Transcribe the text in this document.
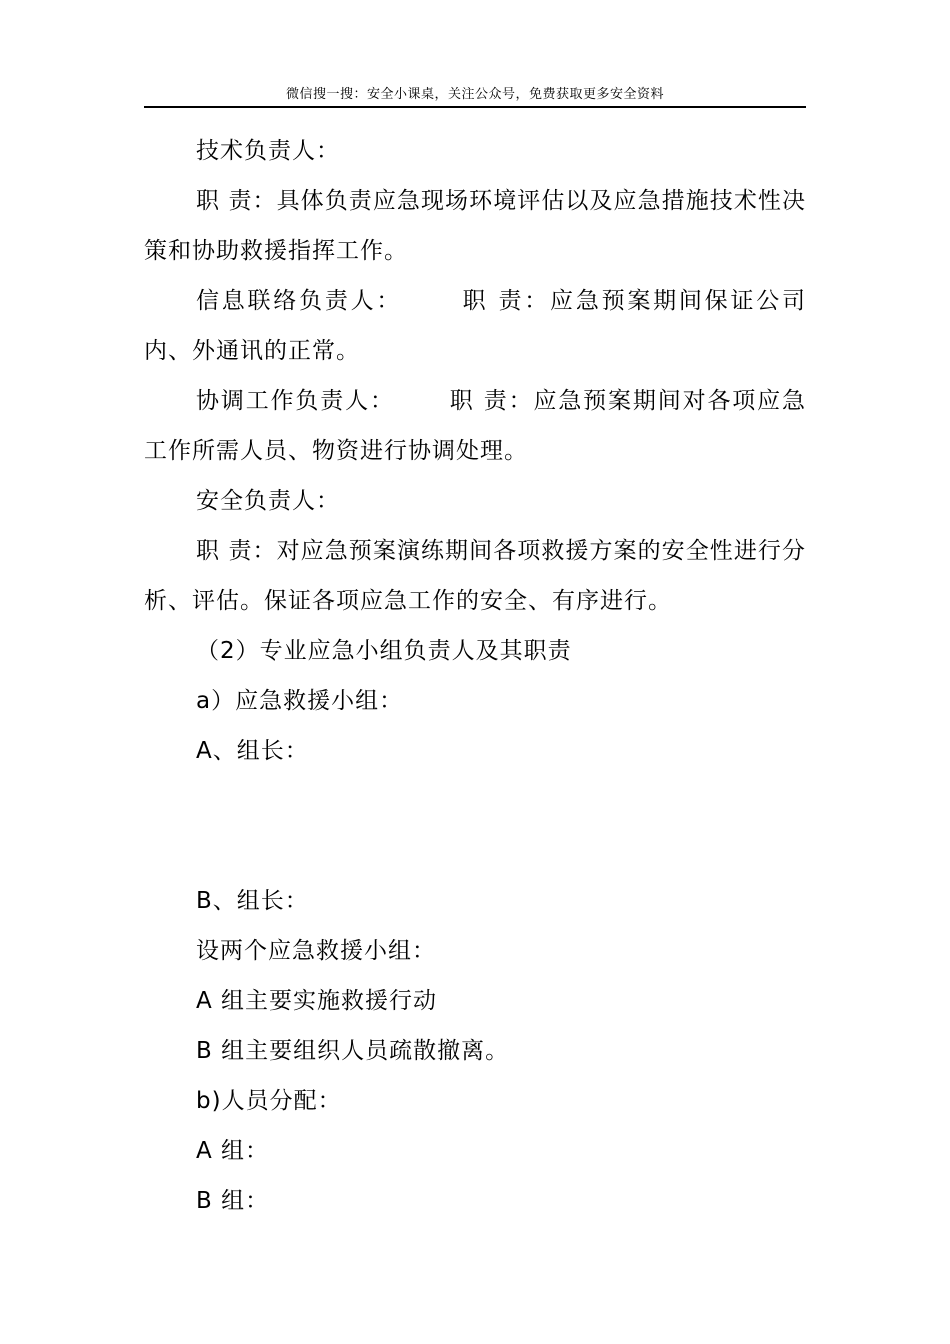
微信搜一搜：安全小课桌，关注公众号，免费获取更多安全资料

技术负责人：

职 责：具体负责应急现场环境评估以及应急措施技术性决策和协助救援指挥工作。

信息联络负责人：      职 责：应急预案期间保证公司内、外通讯的正常。

协调工作负责人：      职 责：应急预案期间对各项应急工作所需人员、物资进行协调处理。

安全负责人：

职 责：对应急预案演练期间各项救援方案的安全性进行分析、评估。保证各项应急工作的安全、有序进行。

（2）专业应急小组负责人及其职责

a）应急救援小组：

A、组长：

B、组长：

设两个应急救援小组：

A 组主要实施救援行动

B 组主要组织人员疏散撤离。

b)人员分配：

A 组：

B 组：
